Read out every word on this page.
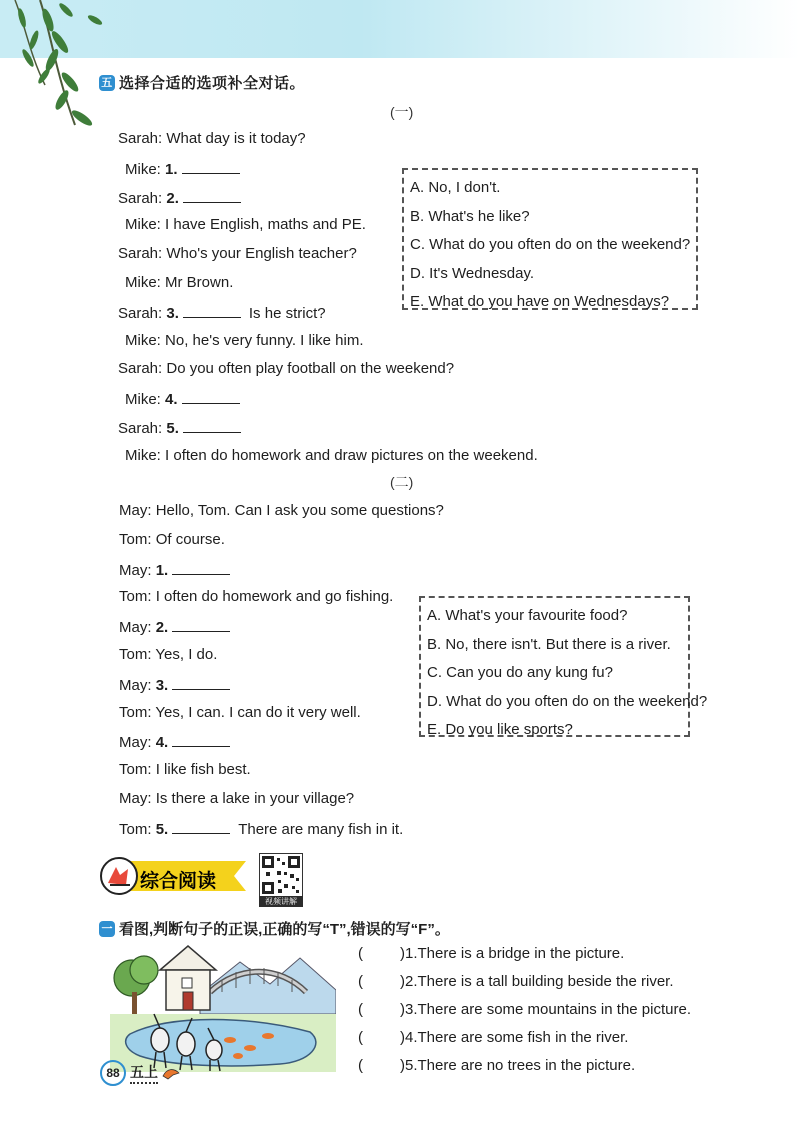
五 选择合适的选项补全对话。
(一)
Sarah: What day is it today?
Mike: 1.
Sarah: 2.
Mike: I have English, maths and PE.
Sarah: Who's your English teacher?
Mike: Mr Brown.
Sarah: 3.	Is he strict?
Mike: No, he's very funny. I like him.
Sarah: Do you often play football on the weekend?
Mike: 4.
Sarah: 5.
Mike: I often do homework and draw pictures on the weekend.
A. No, I don't.
B. What's he like?
C. What do you often do on the weekend?
D. It's Wednesday.
E. What do you have on Wednesdays?
(二)
May: Hello, Tom. Can I ask you some questions?
Tom: Of course.
May: 1.
Tom: I often do homework and go fishing.
May: 2.
Tom: Yes, I do.
May: 3.
Tom: Yes, I can. I can do it very well.
May: 4.
Tom: I like fish best.
May: Is there a lake in your village?
Tom: 5.	There are many fish in it.
A. What's your favourite food?
B. No, there isn't. But there is a river.
C. Can you do any kung fu?
D. What do you often do on the weekend?
E. Do you like sports?
综合阅读
视频讲解
一 看图,判断句子的正误,正确的写“T”,错误的写“F”。
( )1.There is a bridge in the picture.
( )2.There is a tall building beside the river.
( )3.There are some mountains in the picture.
( )4.There are some fish in the river.
( )5.There are no trees in the picture.
88 五上
